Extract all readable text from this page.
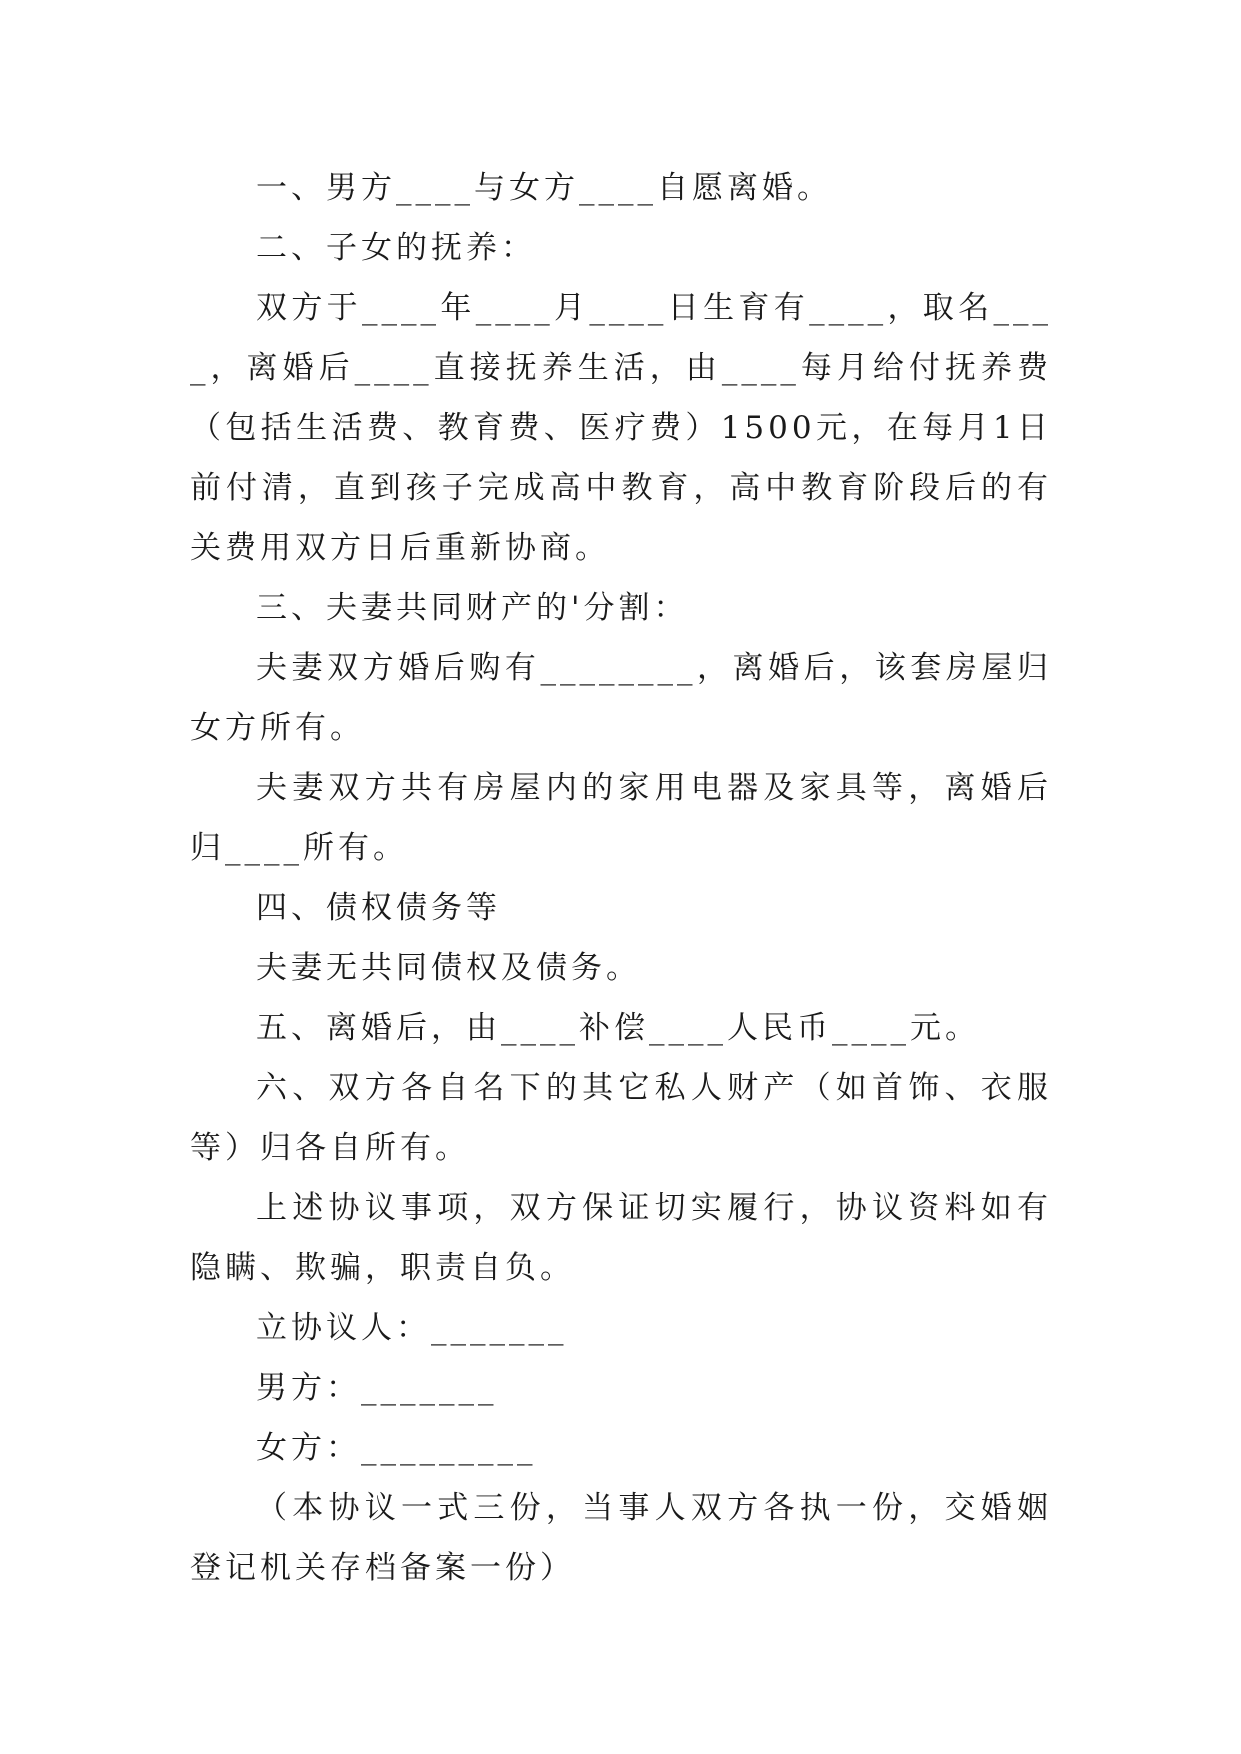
一、男方____与女方____自愿离婚。

二、子女的抚养：

双方于____年____月____日生育有____，取名____，离婚后____直接抚养生活，由____每月给付抚养费（包括生活费、教育费、医疗费）1500元，在每月1日前付清，直到孩子完成高中教育，高中教育阶段后的有关费用双方日后重新协商。

三、夫妻共同财产的'分割：

夫妻双方婚后购有________，离婚后，该套房屋归女方所有。

夫妻双方共有房屋内的家用电器及家具等，离婚后归____所有。

四、债权债务等

夫妻无共同债权及债务。

五、离婚后，由____补偿____人民币____元。

六、双方各自名下的其它私人财产（如首饰、衣服等）归各自所有。

上述协议事项，双方保证切实履行，协议资料如有隐瞒、欺骗，职责自负。

立协议人：_______

男方：_______

女方：_________

（本协议一式三份，当事人双方各执一份，交婚姻登记机关存档备案一份）
